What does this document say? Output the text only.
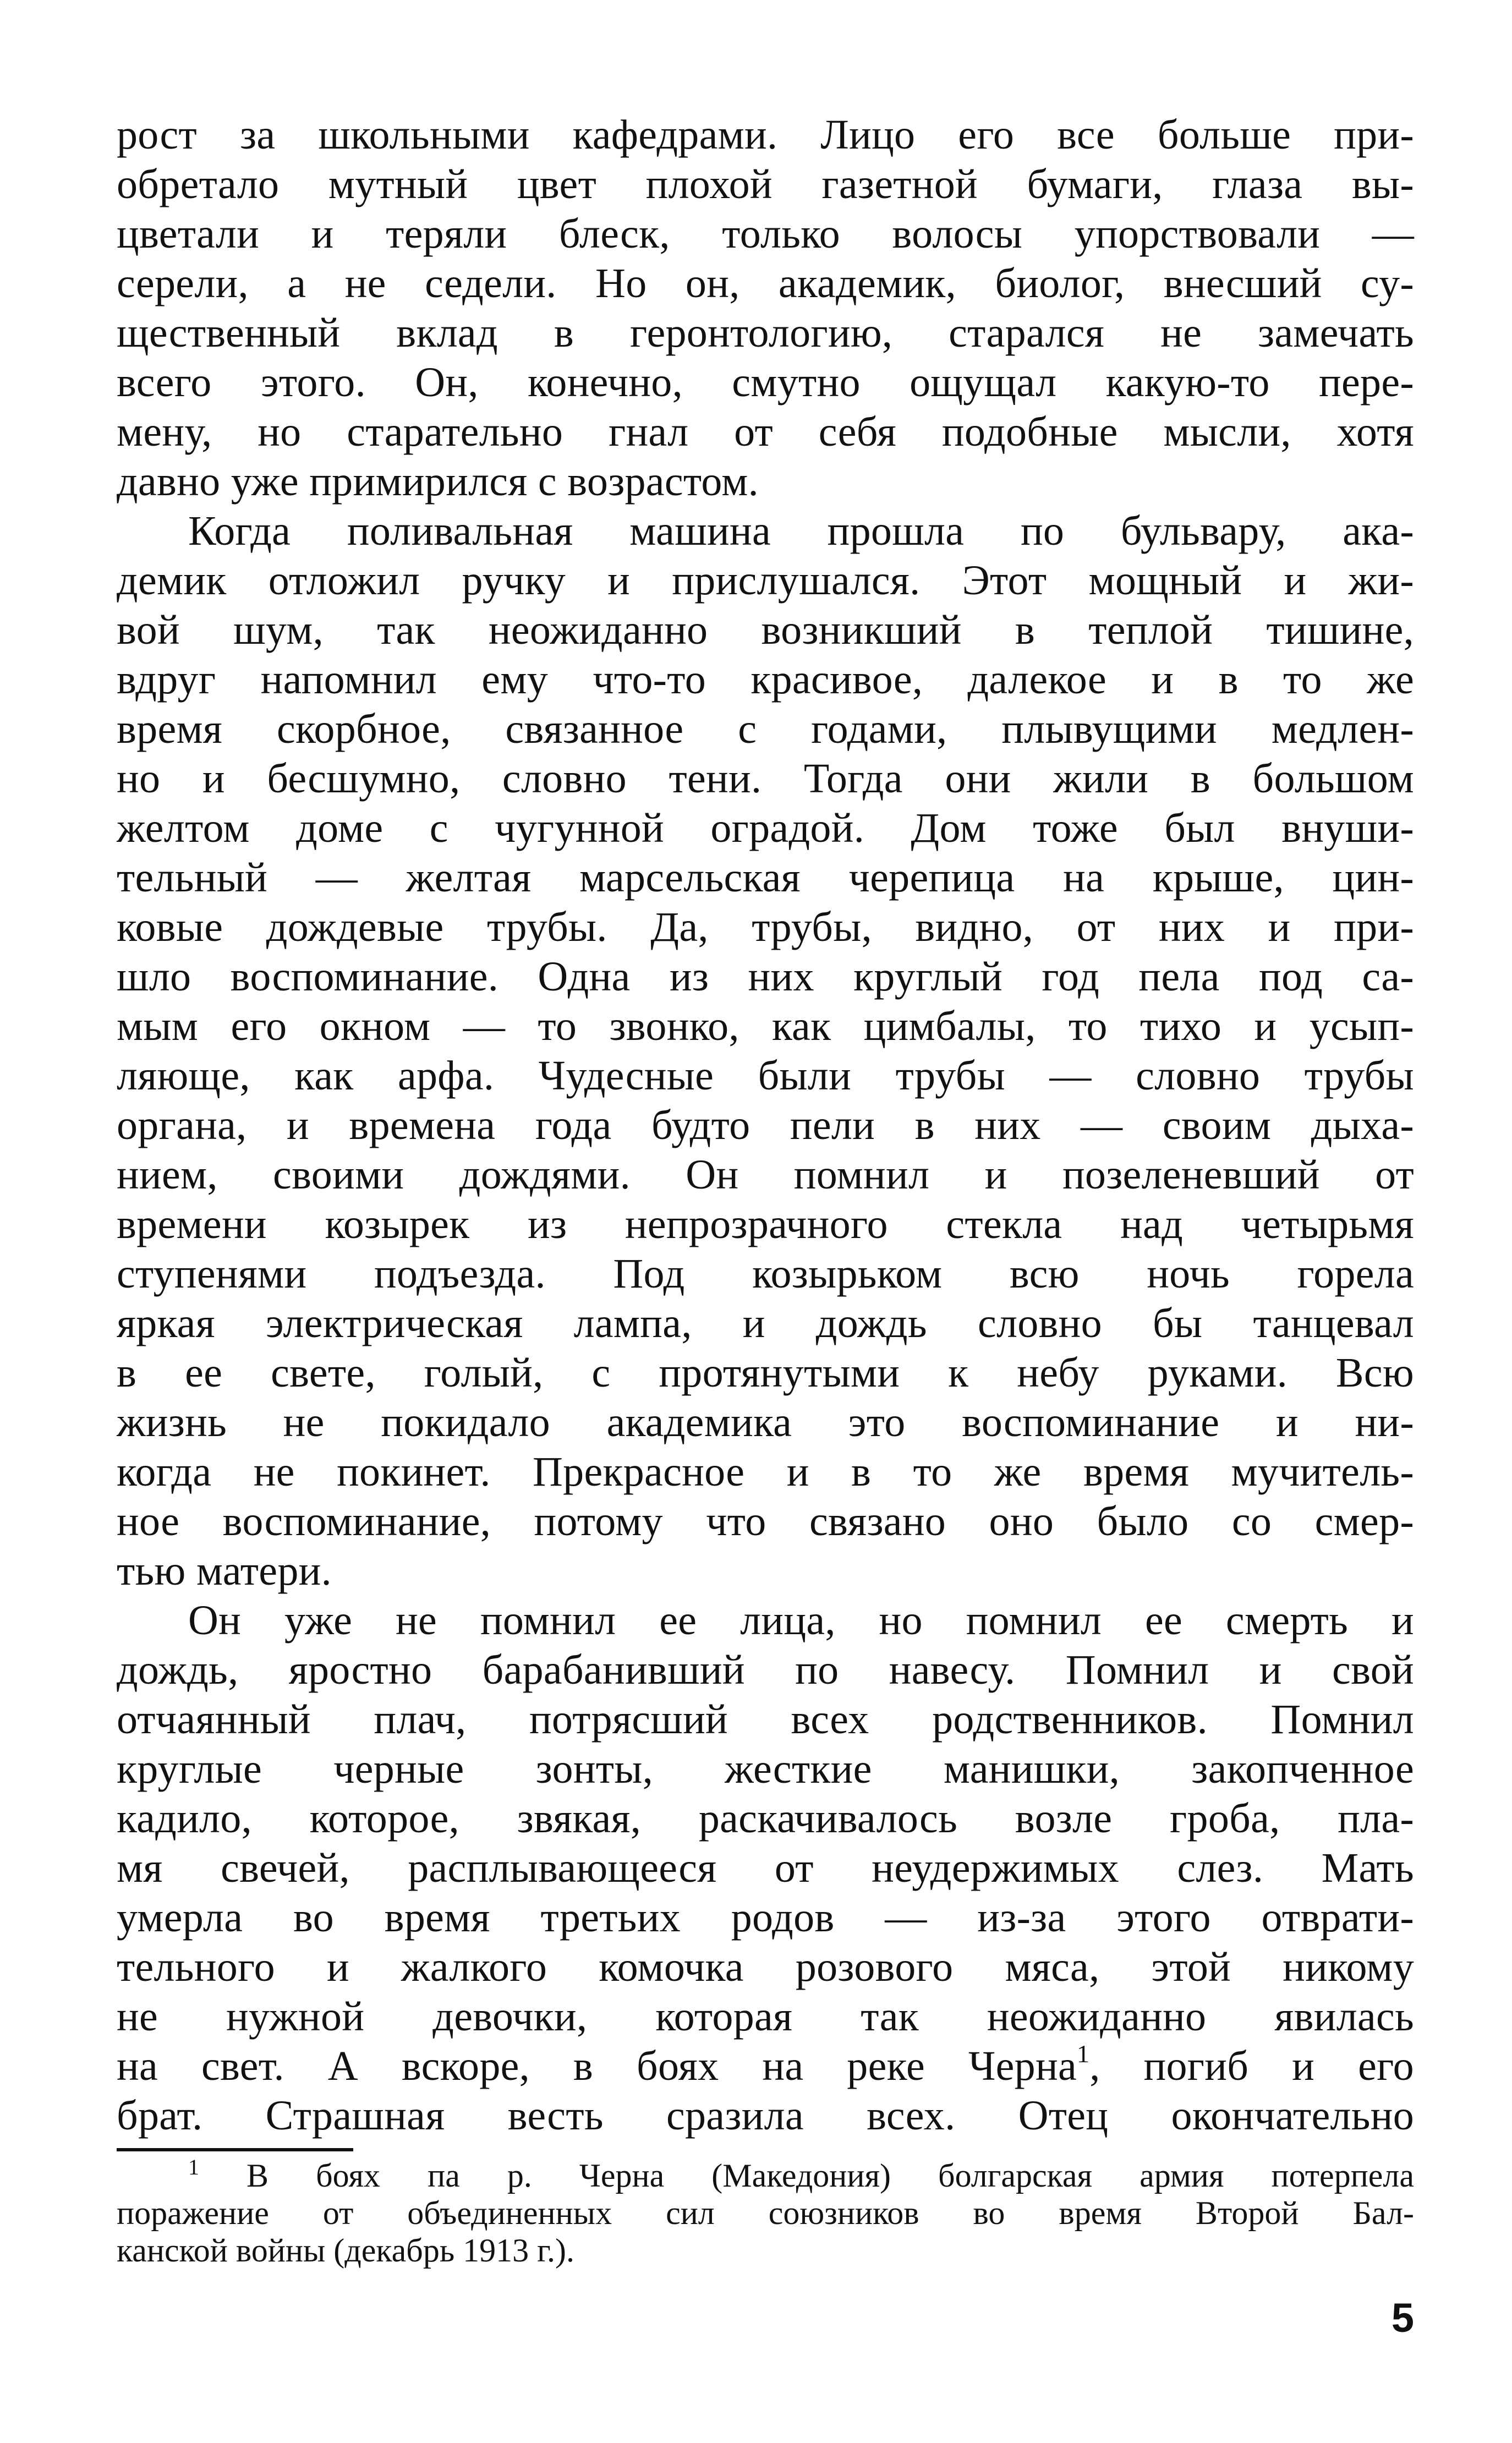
рост за школьными кафедрами. Лицо его все больше при-
обретало мутный цвет плохой газетной бумаги, глаза вы-
цветали и теряли блеск, только волосы упорствовали —
серели, а не седели. Но он, академик, биолог, внесший су-
щественный вклад в геронтологию, старался не замечать
всего этого. Он, конечно, смутно ощущал какую-то пере-
мену, но старательно гнал от себя подобные мысли, хотя
давно уже примирился с возрастом.
Когда поливальная машина прошла по бульвару, ака-
демик отложил ручку и прислушался. Этот мощный и жи-
вой шум, так неожиданно возникший в теплой тишине,
вдруг напомнил ему что-то красивое, далекое и в то же
время скорбное, связанное с годами, плывущими медлен-
но и бесшумно, словно тени. Тогда они жили в большом
желтом доме с чугунной оградой. Дом тоже был внуши-
тельный — желтая марсельская черепица на крыше, цин-
ковые дождевые трубы. Да, трубы, видно, от них и при-
шло воспоминание. Одна из них круглый год пела под са-
мым его окном — то звонко, как цимбалы, то тихо и усып-
ляюще, как арфа. Чудесные были трубы — словно трубы
органа, и времена года будто пели в них — своим дыха-
нием, своими дождями. Он помнил и позеленевший от
времени козырек из непрозрачного стекла над четырьмя
ступенями подъезда. Под козырьком всю ночь горела
яркая электрическая лампа, и дождь словно бы танцевал
в ее свете, голый, с протянутыми к небу руками. Всю
жизнь не покидало академика это воспоминание и ни-
когда не покинет. Прекрасное и в то же время мучитель-
ное воспоминание, потому что связано оно было со смер-
тью матери.
Он уже не помнил ее лица, но помнил ее смерть и
дождь, яростно барабанивший по навесу. Помнил и свой
отчаянный плач, потрясший всех родственников. Помнил
круглые черные зонты, жесткие манишки, закопченное
кадило, которое, звякая, раскачивалось возле гроба, пла-
мя свечей, расплывающееся от неудержимых слез. Мать
умерла во время третьих родов — из-за этого отврати-
тельного и жалкого комочка розового мяса, этой никому
не нужной девочки, которая так неожиданно явилась
на свет. А вскоре, в боях на реке Черна$^1$, погиб и его
брат. Страшная весть сразила всех. Отец окончательно
$^1$ В боях па р. Черна (Македония) болгарская армия потерпела
поражение от объединенных сил союзников во время Второй Бал-
канской войны (декабрь 1913 г.).
5
